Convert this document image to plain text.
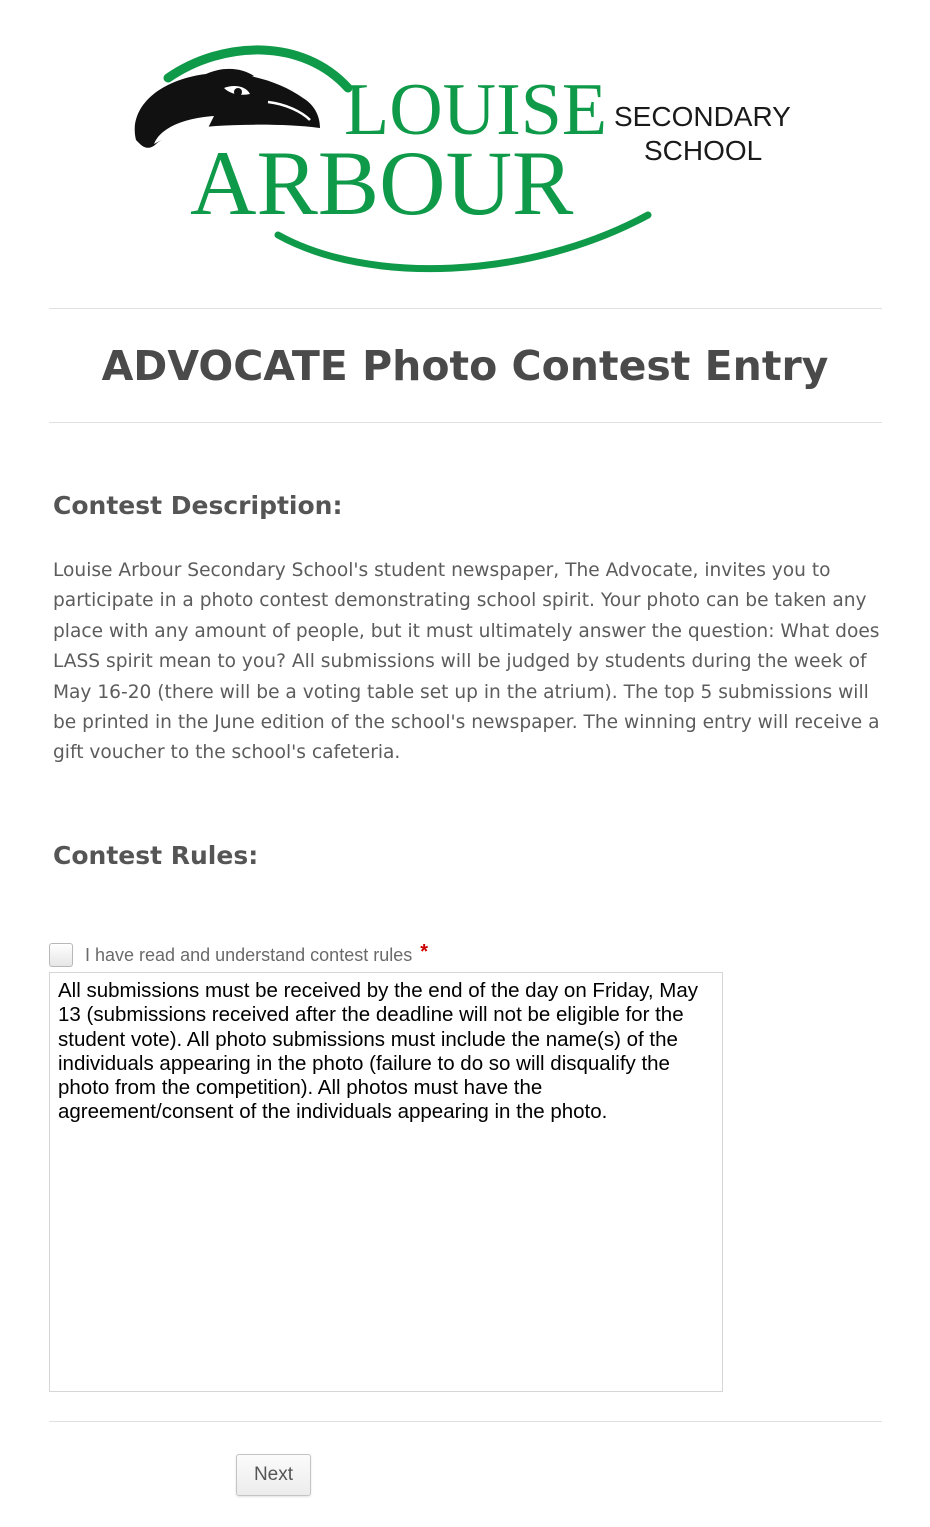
LOUISE
ARBOUR
SECONDARY
SCHOOL
ADVOCATE Photo Contest Entry
Contest Description:

Louise Arbour Secondary School's student newspaper, The Advocate, invites you to participate in a photo contest demonstrating school spirit. Your photo can be taken any place with any amount of people, but it must ultimately answer the question: What does LASS spirit mean to you? All submissions will be judged by students during the week of May 16-20 (there will be a voting table set up in the atrium). The top 5 submissions will be printed in the June edition of the school's newspaper. The winning entry will receive a gift voucher to the school's cafeteria.

Contest Rules:
I have read and understand contest rules *
All submissions must be received by the end of the day on Friday, May 13 (submissions received after the deadline will not be eligible for the student vote). All photo submissions must include the name(s) of the individuals appearing in the photo (failure to do so will disqualify the photo from the competition). All photos must have the agreement/consent of the individuals appearing in the photo.
Next
